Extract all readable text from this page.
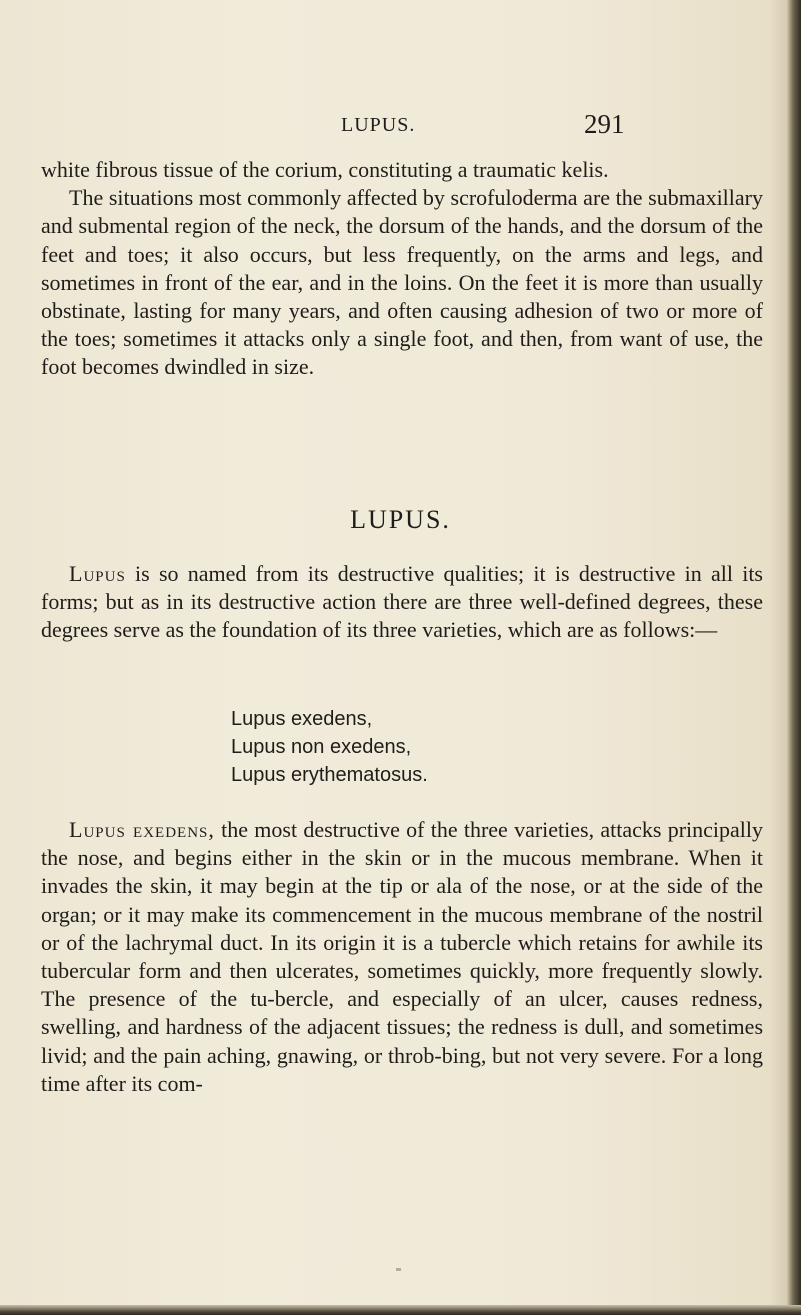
LUPUS.	291

white fibrous tissue of the corium, constituting a traumatic kelis.

The situations most commonly affected by scrofuloderma are the submaxillary and submental region of the neck, the dorsum of the hands, and the dorsum of the feet and toes; it also occurs, but less frequently, on the arms and legs, and sometimes in front of the ear, and in the loins. On the feet it is more than usually obstinate, lasting for many years, and often causing adhesion of two or more of the toes; sometimes it attacks only a single foot, and then, from want of use, the foot becomes dwindled in size.

LUPUS.

Lupus is so named from its destructive qualities; it is destructive in all its forms; but as in its destructive action there are three well-defined degrees, these degrees serve as the foundation of its three varieties, which are as follows:—

Lupus exedens,
Lupus non exedens,
Lupus erythematosus.

Lupus exedens, the most destructive of the three varieties, attacks principally the nose, and begins either in the skin or in the mucous membrane. When it invades the skin, it may begin at the tip or ala of the nose, or at the side of the organ; or it may make its commencement in the mucous membrane of the nostril or of the lachrymal duct. In its origin it is a tubercle which retains for awhile its tubercular form and then ulcerates, sometimes quickly, more frequently slowly. The presence of the tu-bercle, and especially of an ulcer, causes redness, swelling, and hardness of the adjacent tissues; the redness is dull, and sometimes livid; and the pain aching, gnawing, or throb-bing, but not very severe. For a long time after its com-
